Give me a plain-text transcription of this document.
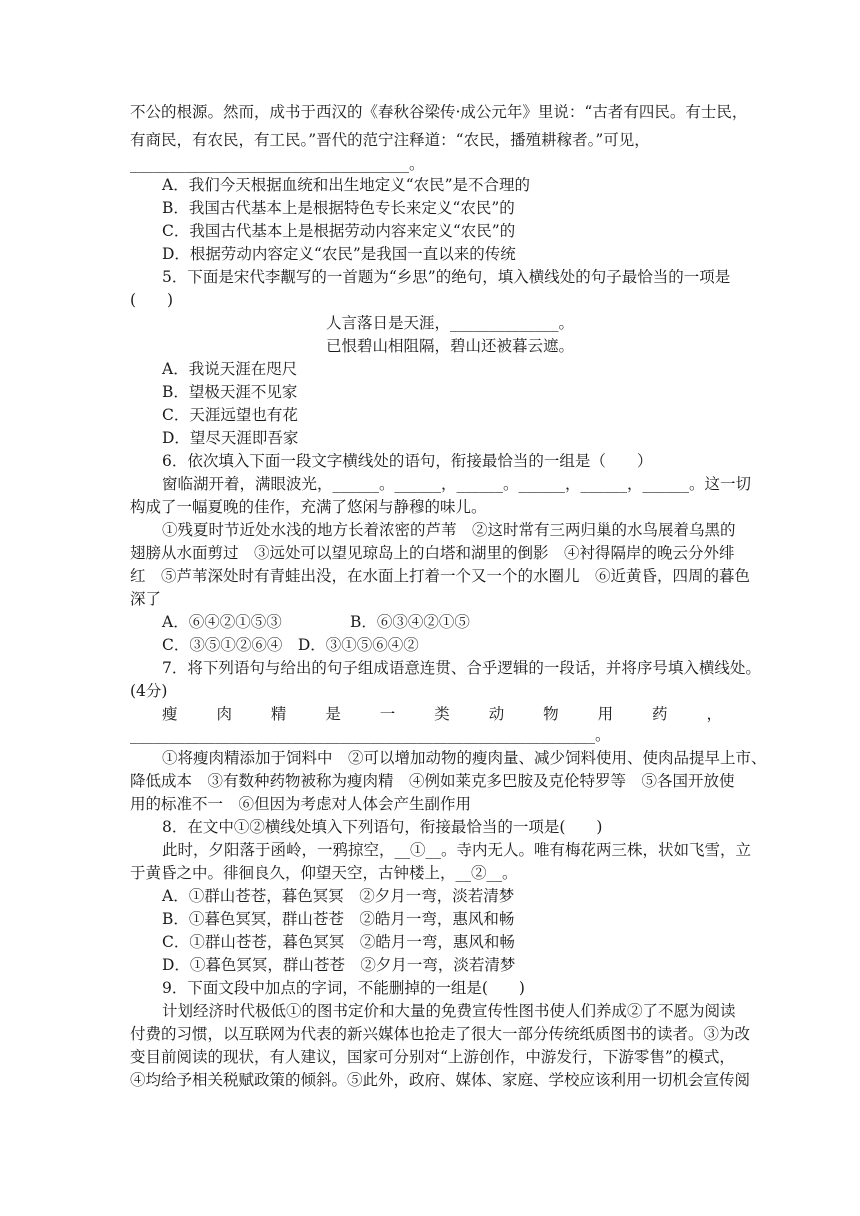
不公的根源。然而，成书于西汉的《春秋谷梁传·成公元年》里说：“古者有四民。有士民，
有商民，有农民，有工民。”晋代的范宁注释道：“农民，播殖耕稼者。”可见，
____________________________________。
A．我们今天根据血统和出生地定义“农民”是不合理的
B．我国古代基本上是根据特色专长来定义“农民”的
C．我国古代基本上是根据劳动内容来定义“农民”的
D．根据劳动内容定义“农民”是我国一直以来的传统
5．下面是宋代李觏写的一首题为“乡思”的绝句，填入横线处的句子最恰当的一项是
(　　)
人言落日是天涯，______________。
已恨碧山相阻隔，碧山还被暮云遮。
A．我说天涯在咫尺
B．望极天涯不见家
C．天涯远望也有花
D．望尽天涯即吾家
6．依次填入下面一段文字横线处的语句，衔接最恰当的一组是（　　）
窗临湖开着，满眼波光，______。______，______。______，______，______。这一切
构成了一幅夏晚的佳作，充满了悠闲与静穆的味儿。
①残夏时节近处水浅的地方长着浓密的芦苇　②这时常有三两归巢的水鸟展着乌黑的
翅膀从水面剪过　③远处可以望见琼岛上的白塔和湖里的倒影　④衬得隔岸的晚云分外绯
红　⑤芦苇深处时有青蛙出没，在水面上打着一个又一个的水圈儿　⑥近黄昏，四周的暮色
深了
A．⑥④②①⑤③	B．⑥③④②①⑤
C．③⑤①②⑥④　D．③①⑤⑥④②
7．将下列语句与给出的句子组成语意连贯、合乎逻辑的一段话，并将序号填入横线处。
(4分)
瘦　肉　精　是　一　类　动　物　用　药　，
____________________________________________________________。
①将瘦肉精添加于饲料中　②可以增加动物的瘦肉量、减少饲料使用、使肉品提早上市、
降低成本　③有数种药物被称为瘦肉精　④例如莱克多巴胺及克伦特罗等　⑤各国开放使
用的标准不一　⑥但因为考虑对人体会产生副作用
8．在文中①②横线处填入下列语句，衔接最恰当的一项是(　　)
此时，夕阳落于函岭，一鸦掠空，__①__。寺内无人。唯有梅花两三株，状如飞雪，立
于黄昏之中。徘徊良久，仰望天空，古钟楼上，__②__。
A．①群山苍苍，暮色冥冥　②夕月一弯，淡若清梦
B．①暮色冥冥，群山苍苍　②皓月一弯，惠风和畅
C．①群山苍苍，暮色冥冥　②皓月一弯，惠风和畅
D．①暮色冥冥，群山苍苍　②夕月一弯，淡若清梦
9．下面文段中加点的字词，不能删掉的一组是(　　)
计划经济时代极低①的图书定价和大量的免费宣传性图书使人们养成②了不愿为阅读
付费的习惯，以互联网为代表的新兴媒体也抢走了很大一部分传统纸质图书的读者。③为改
变目前阅读的现状，有人建议，国家可分别对“上游创作，中游发行，下游零售”的模式，
④均给予相关税赋政策的倾斜。⑤此外，政府、媒体、家庭、学校应该利用一切机会宣传阅
